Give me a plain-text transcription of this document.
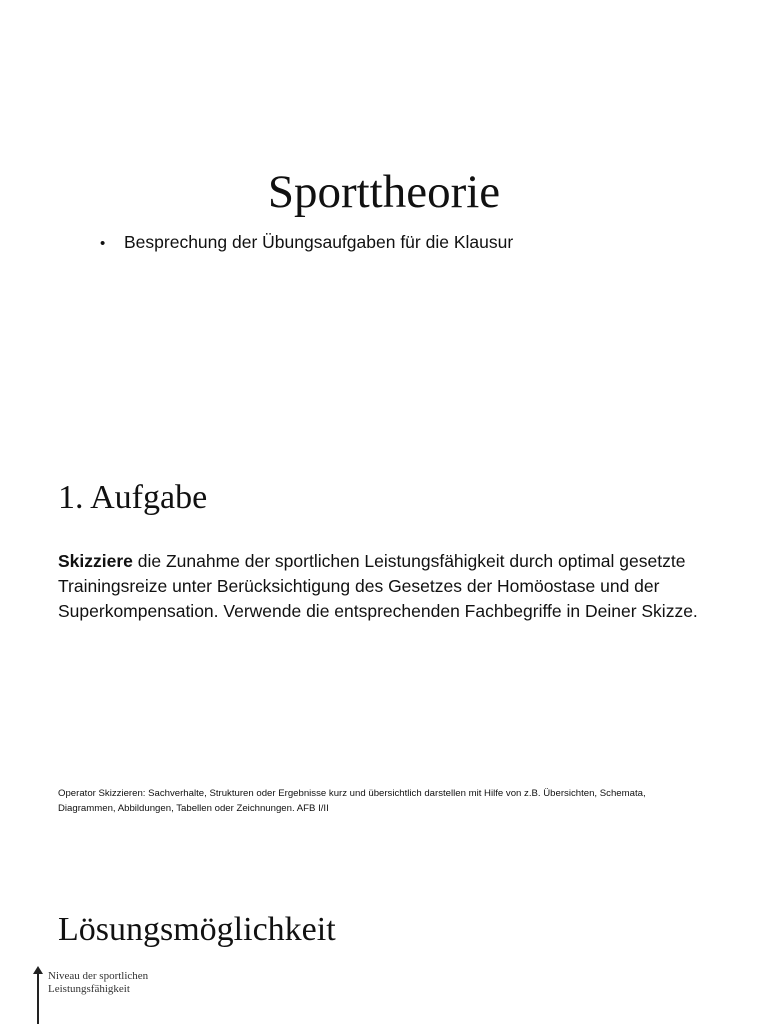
Sporttheorie
• Besprechung der Übungsaufgaben für die Klausur
1. Aufgabe
Skizziere die Zunahme der sportlichen Leistungsfähigkeit durch optimal gesetzte Trainingsreize unter Berücksichtigung des Gesetzes der Homöostase und der Superkompensation. Verwende die entsprechenden Fachbegriffe in Deiner Skizze.
Operator Skizzieren: Sachverhalte, Strukturen oder Ergebnisse kurz und übersichtlich darstellen mit Hilfe von z.B. Übersichten, Schemata, Diagrammen, Abbildungen, Tabellen oder Zeichnungen. AFB I/II
Lösungsmöglichkeit
Niveau der sportlichen
Leistungsfähigkeit
